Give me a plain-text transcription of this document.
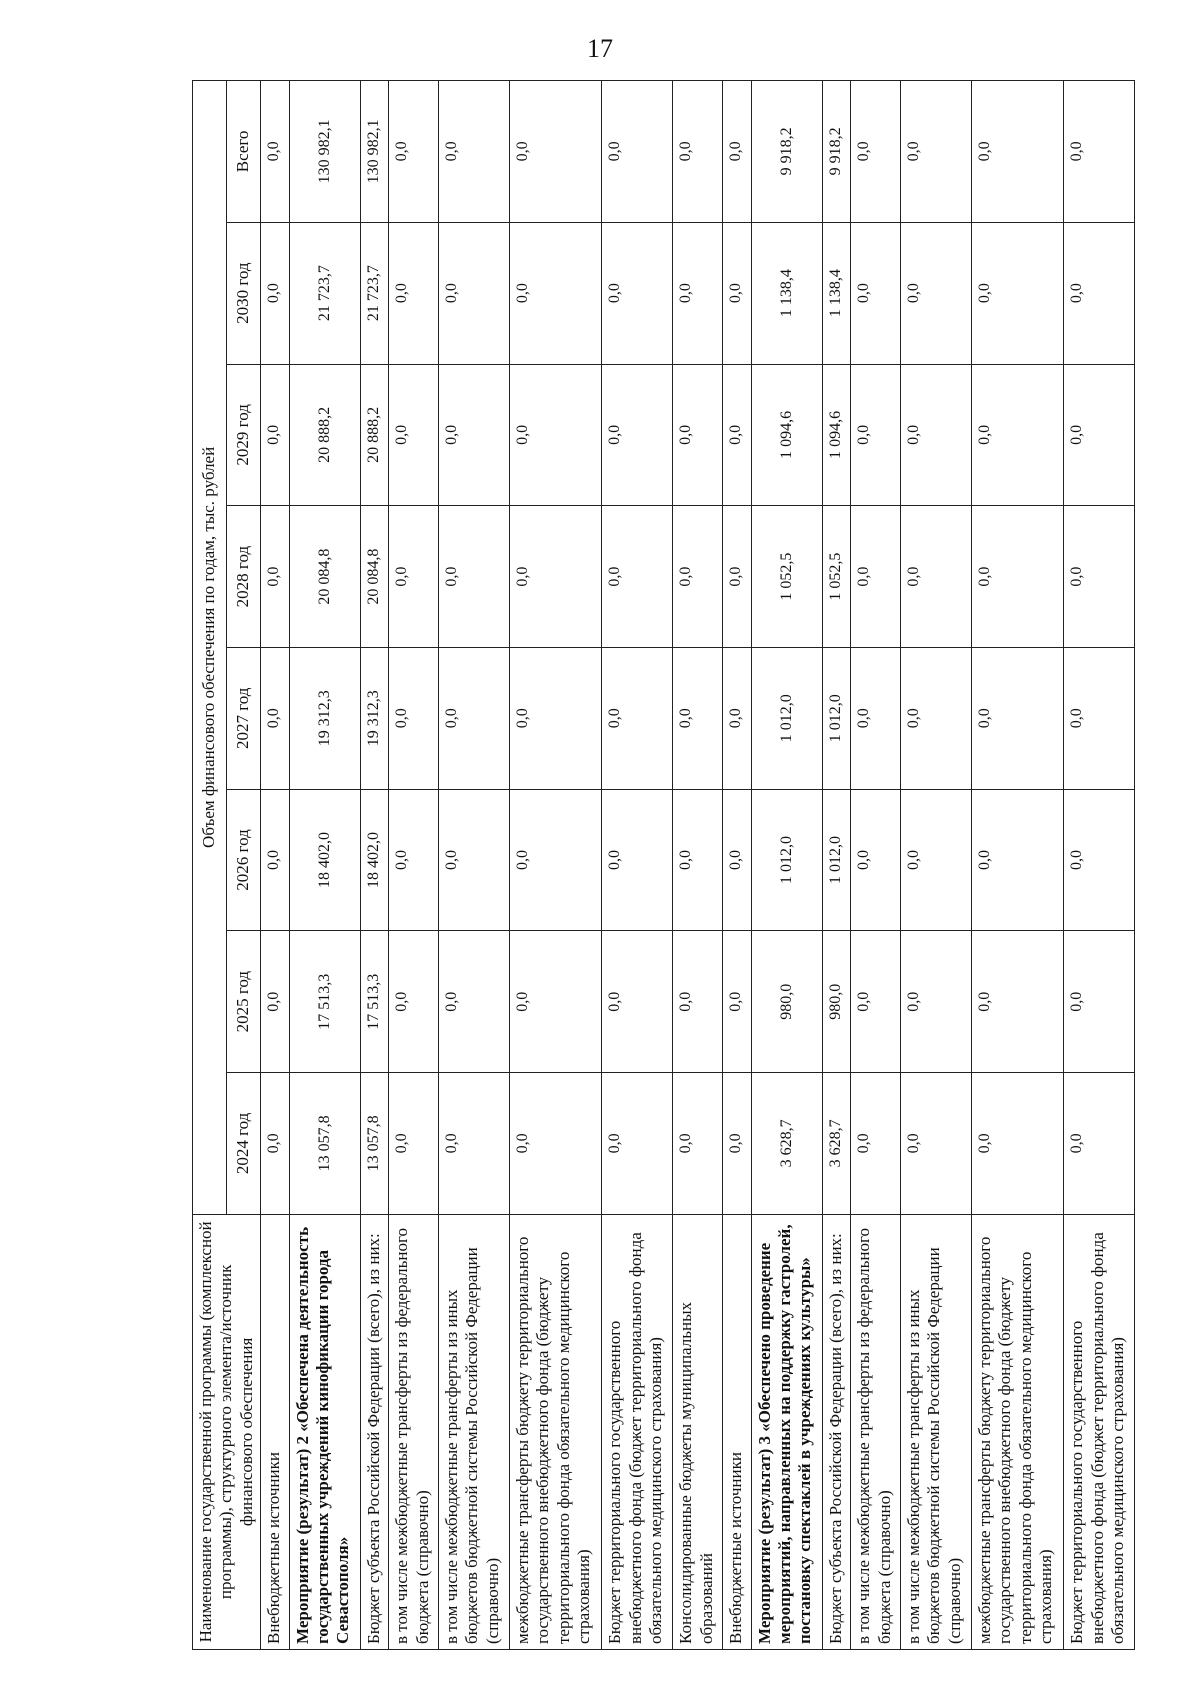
17
Наименование государственной программы (комплексной программы), структурного элемента/источник финансового обеспечения	Объем финансового обеспечения по годам, тыс. рублей							
	2024 год	2025 год	2026 год	2027 год	2028 год	2029 год	2030 год	Всего
Внебюджетные источники	0,0	0,0	0,0	0,0	0,0	0,0	0,0	0,0
Мероприятие (результат) 2 «Обеспечена деятельность государственных учреждений кинофикации города Севастополя»	13 057,8	17 513,3	18 402,0	19 312,3	20 084,8	20 888,2	21 723,7	130 982,1
Бюджет субъекта Российской Федерации (всего), из них:	13 057,8	17 513,3	18 402,0	19 312,3	20 084,8	20 888,2	21 723,7	130 982,1
в том числе межбюджетные трансферты из федерального бюджета (справочно)	0,0	0,0	0,0	0,0	0,0	0,0	0,0	0,0
в том числе межбюджетные трансферты из иных бюджетов бюджетной системы Российской Федерации (справочно)	0,0	0,0	0,0	0,0	0,0	0,0	0,0	0,0
межбюджетные трансферты бюджету территориального государственного внебюджетного фонда (бюджету территориального фонда обязательного медицинского страхования)	0,0	0,0	0,0	0,0	0,0	0,0	0,0	0,0
Бюджет территориального государственного внебюджетного фонда (бюджет территориального фонда обязательного медицинского страхования)	0,0	0,0	0,0	0,0	0,0	0,0	0,0	0,0
Консолидированные бюджеты муниципальных образований	0,0	0,0	0,0	0,0	0,0	0,0	0,0	0,0
Внебюджетные источники	0,0	0,0	0,0	0,0	0,0	0,0	0,0	0,0
Мероприятие (результат) 3 «Обеспечено проведение мероприятий, направленных на поддержку гастролей, постановку спектаклей в учреждениях культуры»	3 628,7	980,0	1 012,0	1 012,0	1 052,5	1 094,6	1 138,4	9 918,2
Бюджет субъекта Российской Федерации (всего), из них:	3 628,7	980,0	1 012,0	1 012,0	1 052,5	1 094,6	1 138,4	9 918,2
в том числе межбюджетные трансферты из федерального бюджета (справочно)	0,0	0,0	0,0	0,0	0,0	0,0	0,0	0,0
в том числе межбюджетные трансферты из иных бюджетов бюджетной системы Российской Федерации (справочно)	0,0	0,0	0,0	0,0	0,0	0,0	0,0	0,0
межбюджетные трансферты бюджету территориального государственного внебюджетного фонда (бюджету территориального фонда обязательного медицинского страхования)	0,0	0,0	0,0	0,0	0,0	0,0	0,0	0,0
Бюджет территориального государственного внебюджетного фонда (бюджет территориального фонда обязательного медицинского страхования)	0,0	0,0	0,0	0,0	0,0	0,0	0,0	0,0
